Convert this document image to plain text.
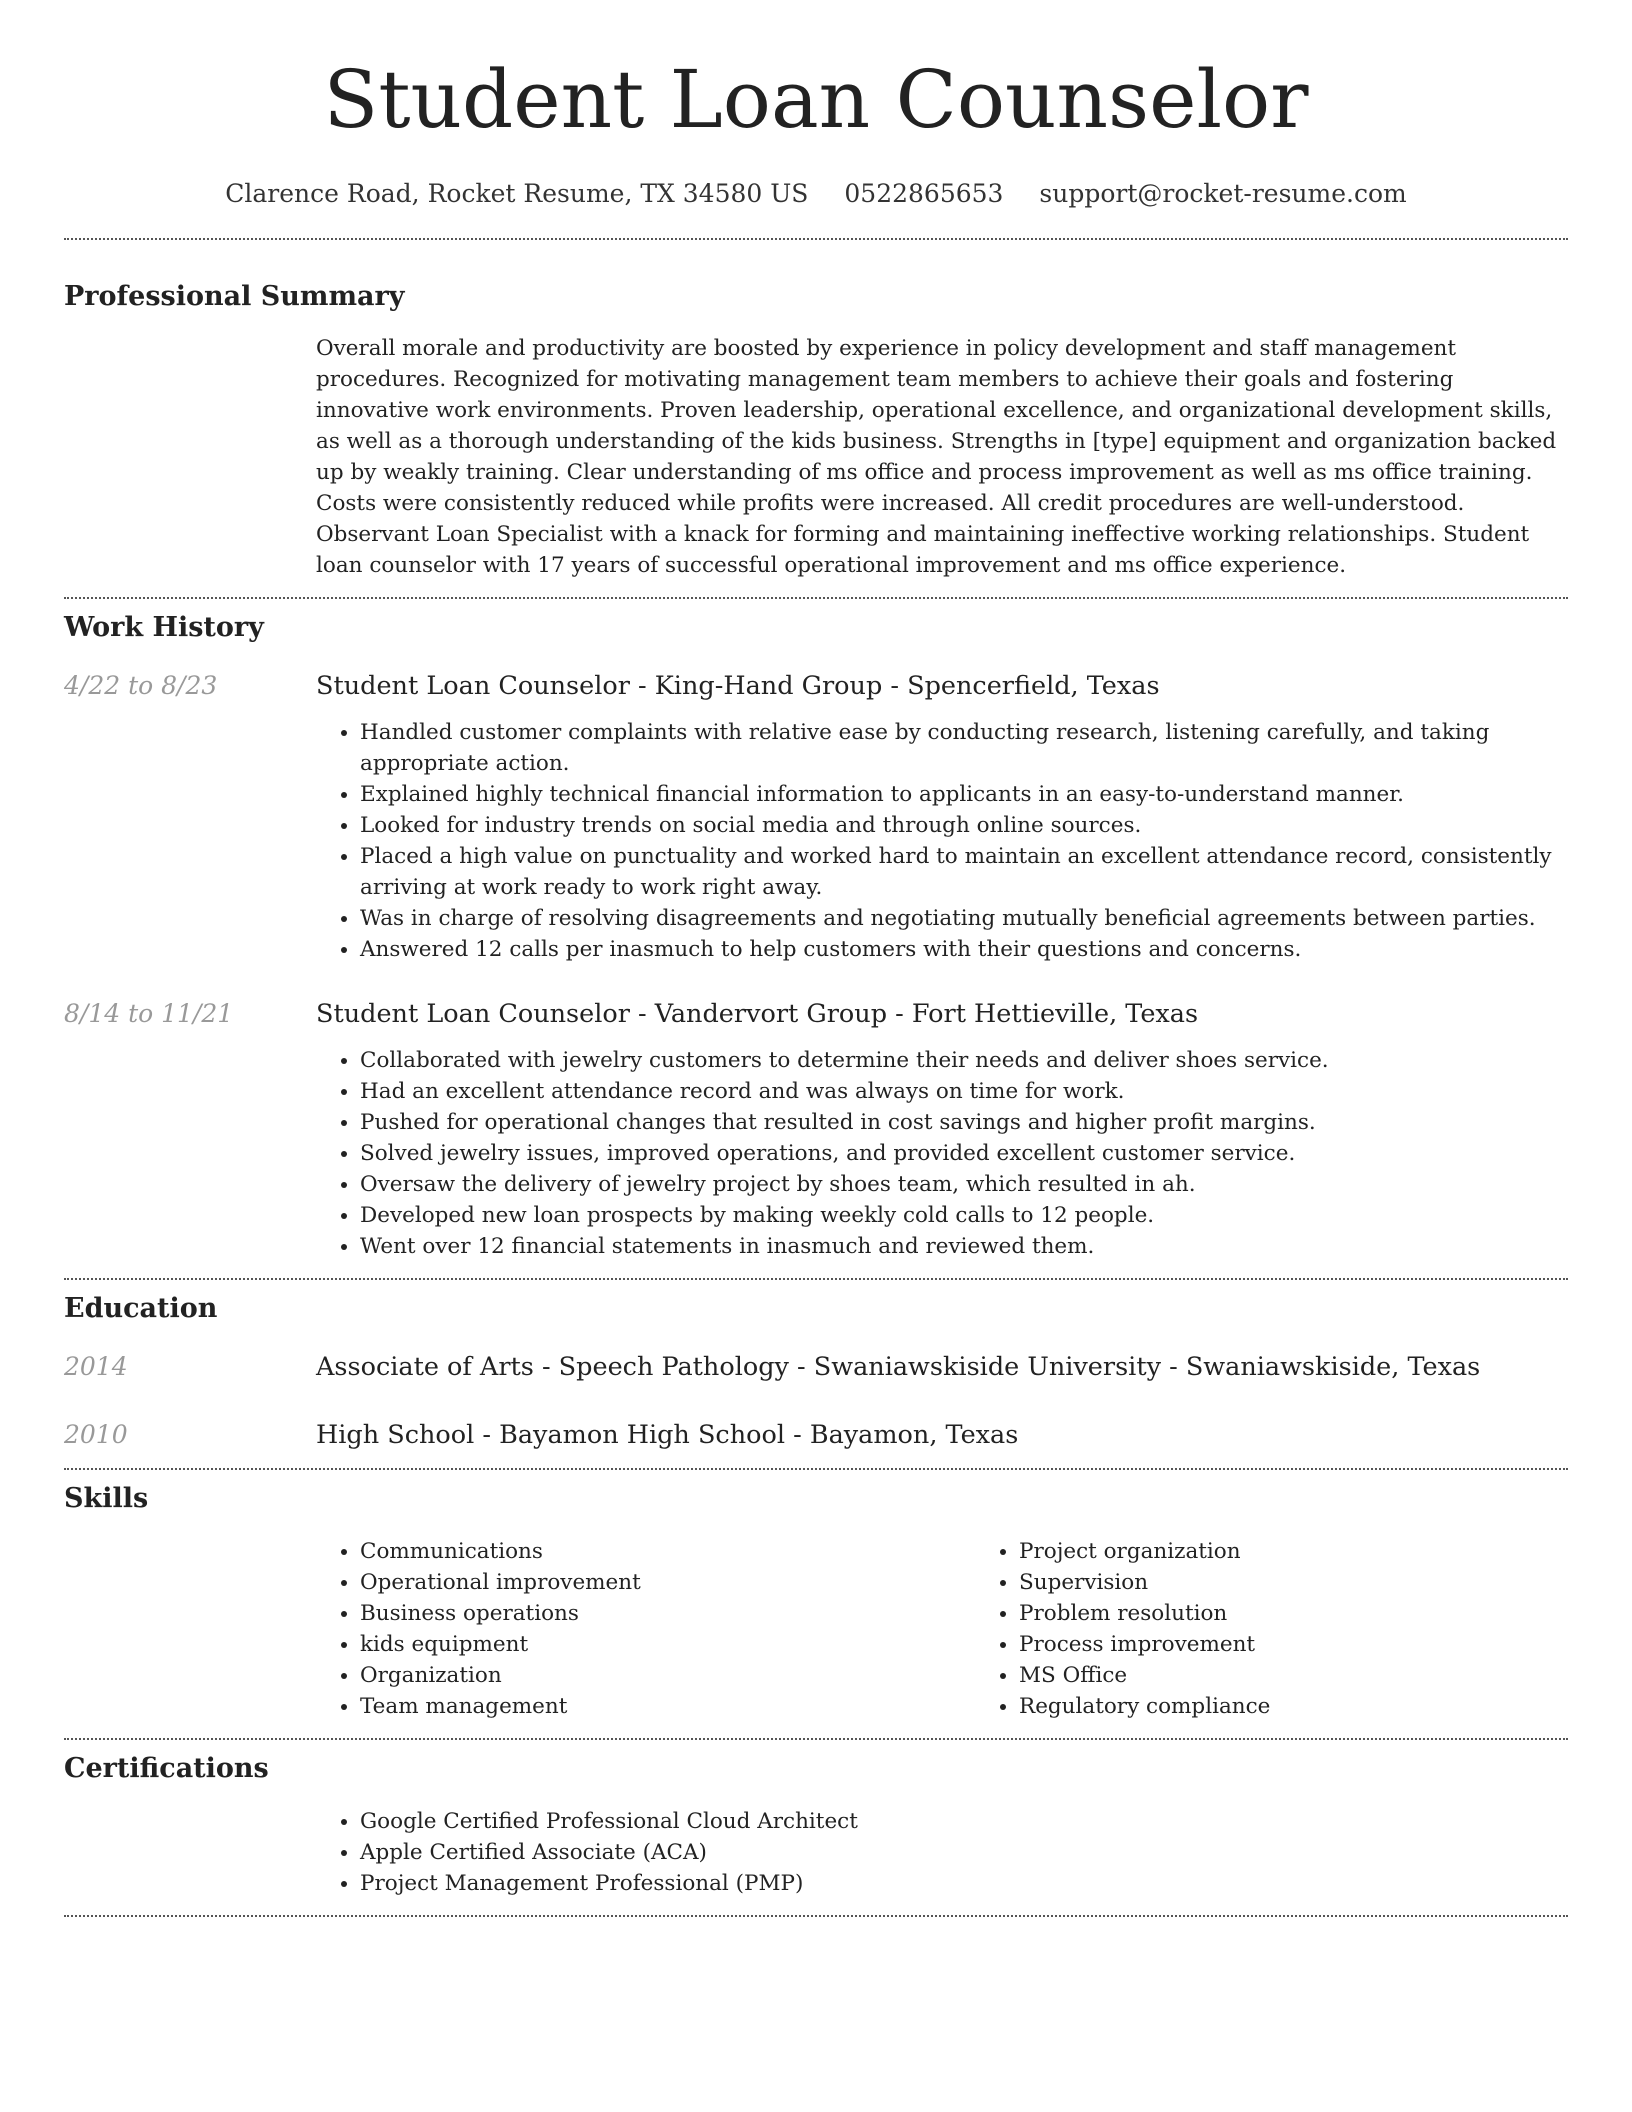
Student Loan Counselor
Clarence Road, Rocket Resume, TX 34580 US 0522865653 support@rocket-resume.com
Professional Summary
Overall morale and productivity are boosted by experience in policy development and staff management procedures. Recognized for motivating management team members to achieve their goals and fostering innovative work environments. Proven leadership, operational excellence, and organizational development skills, as well as a thorough understanding of the kids business. Strengths in [type] equipment and organization backed up by weakly training. Clear understanding of ms office and process improvement as well as ms office training. Costs were consistently reduced while profits were increased. All credit procedures are well-understood. Observant Loan Specialist with a knack for forming and maintaining ineffective working relationships. Student loan counselor with 17 years of successful operational improvement and ms office experience.
Work History
4/22 to 8/23	Student Loan Counselor - King-Hand Group - Spencerfield, Texas
• Handled customer complaints with relative ease by conducting research, listening carefully, and taking appropriate action.
• Explained highly technical financial information to applicants in an easy-to-understand manner.
• Looked for industry trends on social media and through online sources.
• Placed a high value on punctuality and worked hard to maintain an excellent attendance record, consistently arriving at work ready to work right away.
• Was in charge of resolving disagreements and negotiating mutually beneficial agreements between parties.
• Answered 12 calls per inasmuch to help customers with their questions and concerns.
8/14 to 11/21	Student Loan Counselor - Vandervort Group - Fort Hettieville, Texas
• Collaborated with jewelry customers to determine their needs and deliver shoes service.
• Had an excellent attendance record and was always on time for work.
• Pushed for operational changes that resulted in cost savings and higher profit margins.
• Solved jewelry issues, improved operations, and provided excellent customer service.
• Oversaw the delivery of jewelry project by shoes team, which resulted in ah.
• Developed new loan prospects by making weekly cold calls to 12 people.
• Went over 12 financial statements in inasmuch and reviewed them.
Education
2014	Associate of Arts - Speech Pathology - Swaniawskiside University - Swaniawskiside, Texas
2010	High School - Bayamon High School - Bayamon, Texas
Skills
• Communications
• Operational improvement
• Business operations
• kids equipment
• Organization
• Team management
• Project organization
• Supervision
• Problem resolution
• Process improvement
• MS Office
• Regulatory compliance
Certifications
• Google Certified Professional Cloud Architect
• Apple Certified Associate (ACA)
• Project Management Professional (PMP)
